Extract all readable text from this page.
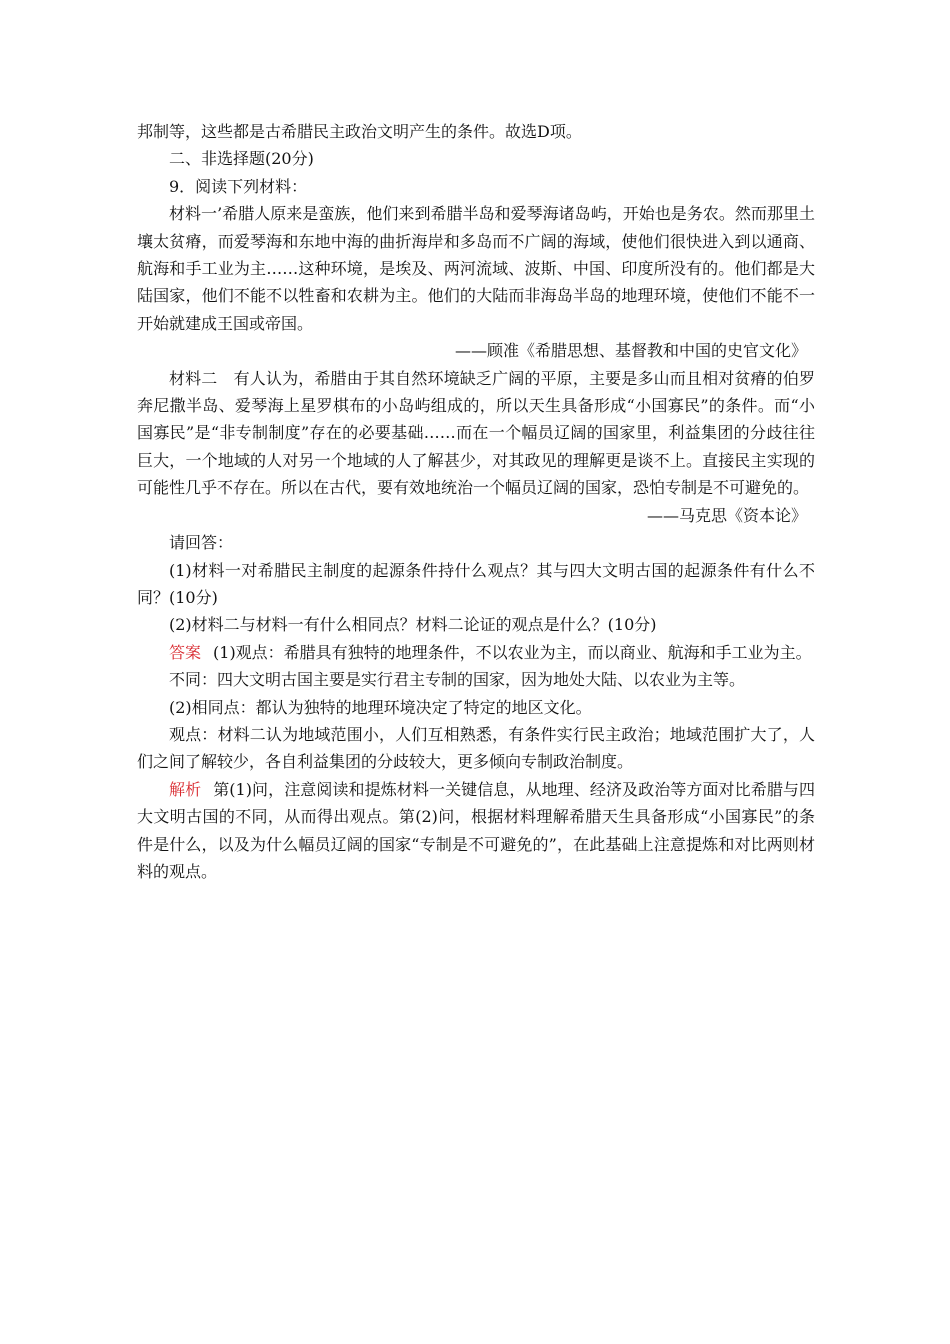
邦制等，这些都是古希腊民主政治文明产生的条件。故选D项。

二、非选择题(20分)

9．阅读下列材料：

材料一’希腊人原来是蛮族，他们来到希腊半岛和爱琴海诸岛屿，开始也是务农。然而那里土壤太贫瘠，而爱琴海和东地中海的曲折海岸和多岛而不广阔的海域，使他们很快进入到以通商、航海和手工业为主……这种环境，是埃及、两河流域、波斯、中国、印度所没有的。他们都是大陆国家，他们不能不以牲畜和农耕为主。他们的大陆而非海岛半岛的地理环境，使他们不能不一开始就建成王国或帝国。

——顾准《希腊思想、基督教和中国的史官文化》

材料二　有人认为，希腊由于其自然环境缺乏广阔的平原，主要是多山而且相对贫瘠的伯罗奔尼撒半岛、爱琴海上星罗棋布的小岛屿组成的，所以天生具备形成“小国寡民”的条件。而“小国寡民”是“非专制制度”存在的必要基础……而在一个幅员辽阔的国家里，利益集团的分歧往往巨大，一个地域的人对另一个地域的人了解甚少，对其政见的理解更是谈不上。直接民主实现的可能性几乎不存在。所以在古代，要有效地统治一个幅员辽阔的国家，恐怕专制是不可避免的。

——马克思《资本论》

请回答：

(1)材料一对希腊民主制度的起源条件持什么观点？其与四大文明古国的起源条件有什么不同？(10分)

(2)材料二与材料一有什么相同点？材料二论证的观点是什么？(10分)

答案 (1)观点：希腊具有独特的地理条件，不以农业为主，而以商业、航海和手工业为主。

不同：四大文明古国主要是实行君主专制的国家，因为地处大陆、以农业为主等。

(2)相同点：都认为独特的地理环境决定了特定的地区文化。

观点：材料二认为地域范围小，人们互相熟悉，有条件实行民主政治；地域范围扩大了，人们之间了解较少，各自利益集团的分歧较大，更多倾向专制政治制度。

解析 第(1)问，注意阅读和提炼材料一关键信息，从地理、经济及政治等方面对比希腊与四大文明古国的不同，从而得出观点。第(2)问，根据材料理解希腊天生具备形成“小国寡民”的条件是什么，以及为什么幅员辽阔的国家“专制是不可避免的”，在此基础上注意提炼和对比两则材料的观点。
